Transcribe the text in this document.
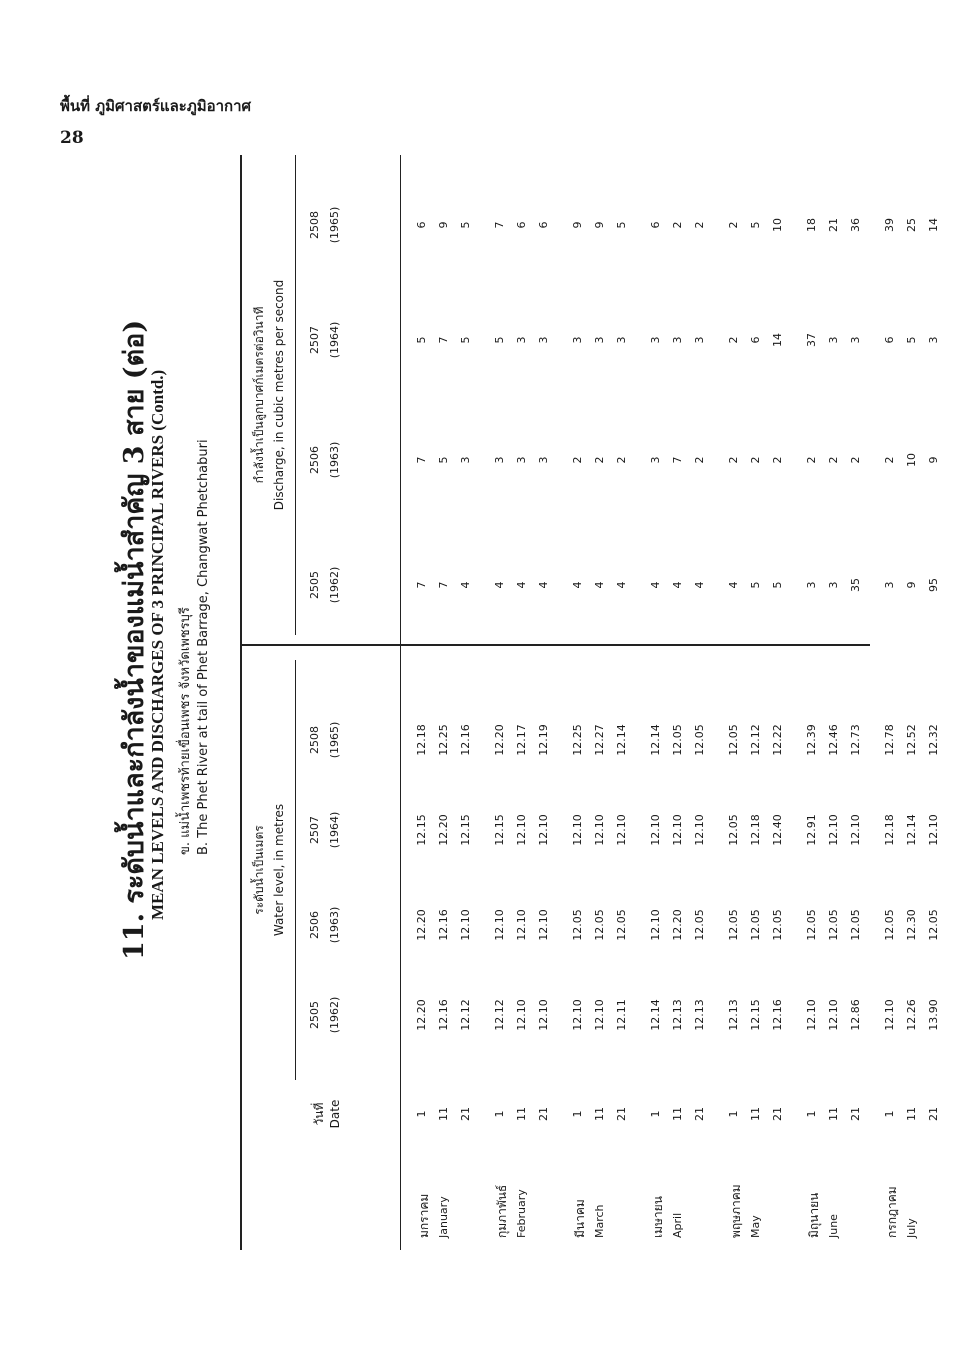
พื้นที่ ภูมิศาสตร์และภูมิอากาศ
28
11. ระดับน้ำและกำลังน้ำของแม่น้ำสำคัญ 3 สาย (ต่อ)
MEAN LEVELS AND DISCHARGES OF 3 PRINCIPAL RIVERS (Contd.) ข. แม่น้ำเพชรท้ายเขื่อนเพชร จังหวัดเพชรบุรี B. The Phet River at tail of Phet Barrage, Changwat Phetchaburi
วันที่ Date
ระดับน้ำเป็นเมตร Water level, in metres
กำลังน้ำเป็นลูกบาศก์เมตรต่อวินาที Discharge, in cubic metres per second
2505 (1962)
2506 (1963)
2507 (1964)
2508 (1965)
2505 (1962)
2506 (1963)
2507 (1964)
2508 (1965)
มกราคม
1
12.20
12.20
12.15
12.18
7
7
5
6
January
11
12.16
12.16
12.20
12.25
7
5
7
9
21
12.12
12.10
12.15
12.16
4
3
5
5
กุมภาพันธ์
1
12.12
12.10
12.15
12.20
4
3
5
7
February
11
12.10
12.10
12.10
12.17
4
3
3
6
21
12.10
12.10
12.10
12.19
4
3
3
6
มีนาคม
1
12.10
12.05
12.10
12.25
4
2
3
9
March
11
12.10
12.05
12.10
12.27
4
2
3
9
21
12.11
12.05
12.10
12.14
4
2
3
5
เมษายน
1
12.14
12.10
12.10
12.14
4
3
3
6
April
11
12.13
12.20
12.10
12.05
4
7
3
2
21
12.13
12.05
12.10
12.05
4
2
3
2
พฤษภาคม
1
12.13
12.05
12.05
12.05
4
2
2
2
May
11
12.15
12.05
12.18
12.12
5
2
6
5
21
12.16
12.05
12.40
12.22
5
2
14
10
มิถุนายน
1
12.10
12.05
12.91
12.39
3
2
37
18
June
11
12.10
12.05
12.10
12.46
3
2
3
21
21
12.86
12.05
12.10
12.73
35
2
3
36
กรกฎาคม
1
12.10
12.05
12.18
12.78
3
2
6
39
July
11
12.26
12.30
12.14
12.52
9
10
5
25
21
13.90
12.05
12.10
12.32
95
9
3
14
